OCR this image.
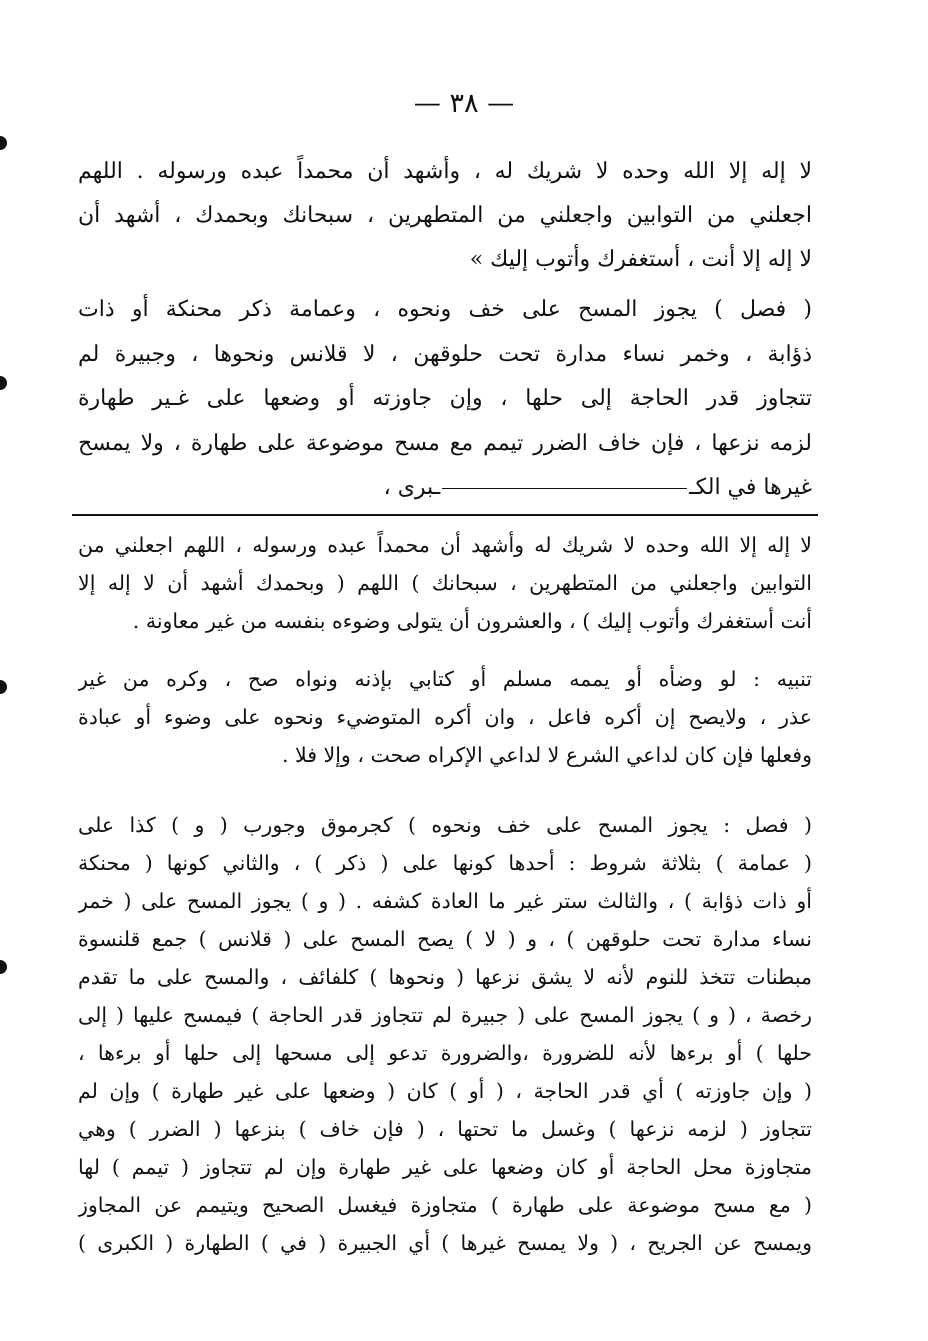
— ٣٨ —
لا إله إلا الله وحده لا شريك له ، وأشهد أن محمداً عبده ورسوله . اللهم
اجعلني من التوابين واجعلني من المتطهرين ، سبحانك وبحمدك ، أشهد أن
لا إله إلا أنت ، أستغفرك وأتوب إليك »
( فصل ) يجوز المسح على خف ونحوه ، وعمامة ذكر محنكة أو ذات
ذؤابة ، وخمر نساء مدارة تحت حلوقهن ، لا قلانس ونحوها ، وجبيرة لم
تتجاوز قدر الحاجة إلى حلها ، وإن جاوزته أو وضعها على غـير طهارة
لزمه نزعها ، فإن خاف الضرر تيمم مع مسح موضوعة على طهارة ، ولا يمسح
غيرها في الكــبرى ،
لا إله إلا الله وحده لا شريك له وأشهد أن محمداً عبده ورسوله ، اللهم اجعلني من
التوابين واجعلني من المتطهرين ، سبحانك ) اللهم ( وبحمدك أشهد أن لا إله إلا
أنت أستغفرك وأتوب إليك ) ، والعشرون أن يتولى وضوءه بنفسه من غير معاونة .
تنبيه : لو وضأه أو يممه مسلم أو كتابي بإذنه ونواه صح ، وكره من غير
عذر ، ولايصح إن أكره فاعل ، وان أكره المتوضيء ونحوه على وضوء أو عبادة
وفعلها فإن كان لداعي الشرع لا لداعي الإكراه صحت ، وإلا فلا .
( فصل : يجوز المسح على خف ونحوه ) كجرموق وجورب ( و ) كذا على
( عمامة ) بثلاثة شروط : أحدها كونها على ( ذكر ) ، والثاني كونها ( محنكة
أو ذات ذؤابة ) ، والثالث ستر غير ما العادة كشفه . ( و ) يجوز المسح على ( خمر
نساء مدارة تحت حلوقهن ) ، و ( لا ) يصح المسح على ( قلانس ) جمع قلنسوة
مبطنات تتخذ للنوم لأنه لا يشق نزعها ( ونحوها ) كلفائف ، والمسح على ما تقدم
رخصة ، ( و ) يجوز المسح على ( جبيرة لم تتجاوز قدر الحاجة ) فيمسح عليها ( إلى
حلها ) أو برءها لأنه للضرورة ،والضرورة تدعو إلى مسحها إلى حلها أو برءها ،
( وإن جاوزته ) أي قدر الحاجة ، ( أو ) كان ( وضعها على غير طهارة ) وإن لم
تتجاوز ( لزمه نزعها ) وغسل ما تحتها ، ( فإن خاف ) بنزعها ( الضرر ) وهي
متجاوزة محل الحاجة أو كان وضعها على غير طهارة وإن لم تتجاوز ( تيمم ) لها
( مع مسح موضوعة على طهارة ) متجاوزة فيغسل الصحيح ويتيمم عن المجاوز
ويمسح عن الجريح ، ( ولا يمسح غيرها ) أي الجبيرة ( في ) الطهارة ( الكبرى )
